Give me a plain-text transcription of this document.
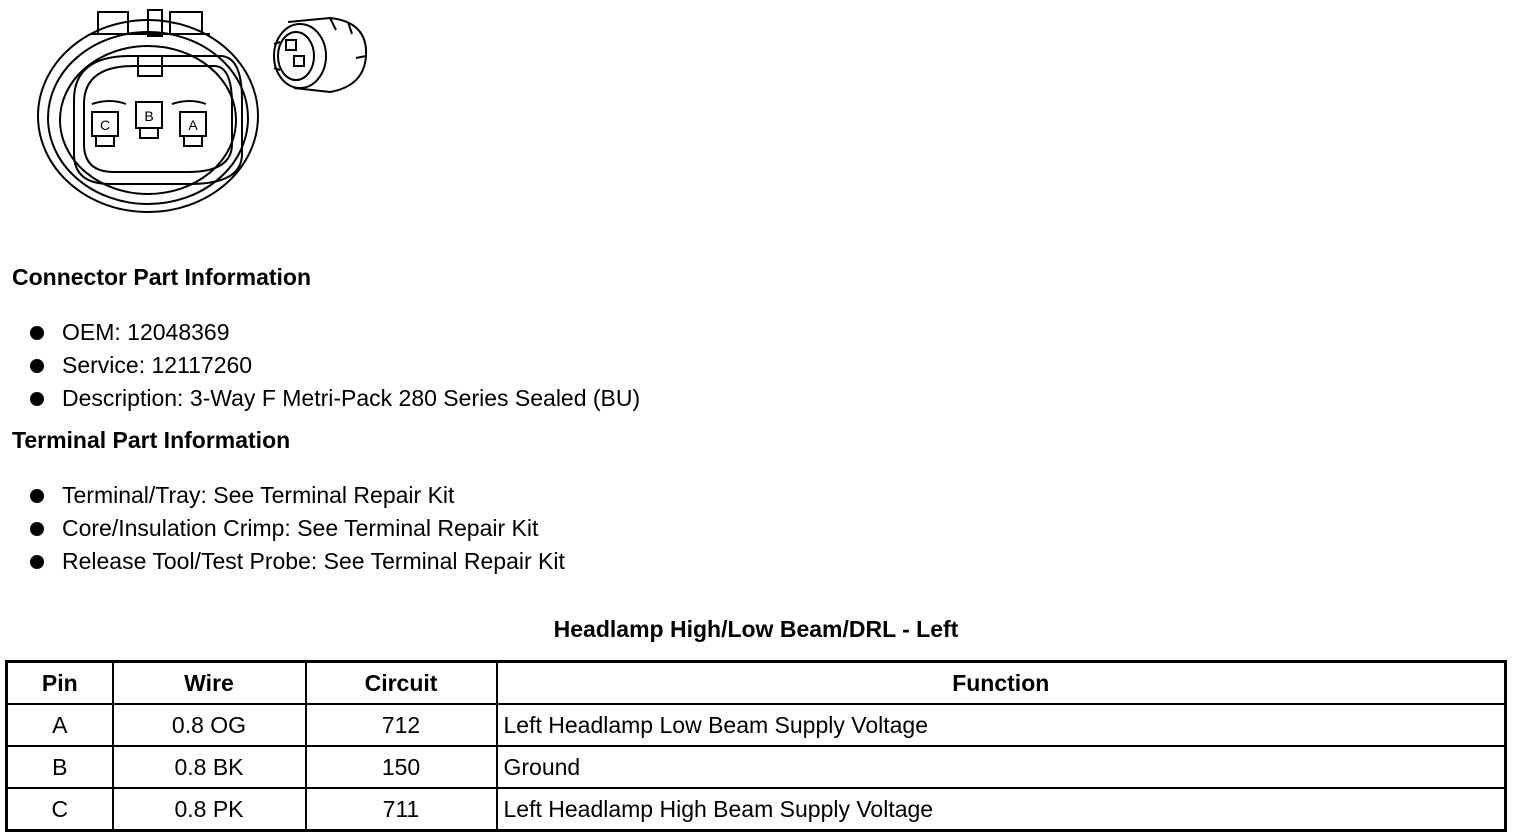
C
B
A
Connector Part Information
OEM: 12048369
Service: 12117260
Description: 3-Way F Metri-Pack 280 Series Sealed (BU)
Terminal Part Information
Terminal/Tray: See Terminal Repair Kit
Core/Insulation Crimp: See Terminal Repair Kit
Release Tool/Test Probe: See Terminal Repair Kit
Headlamp High/Low Beam/DRL - Left
Pin	Wire	Circuit	Function
A	0.8 OG	712	Left Headlamp Low Beam Supply Voltage
B	0.8 BK	150	Ground
C	0.8 PK	711	Left Headlamp High Beam Supply Voltage
